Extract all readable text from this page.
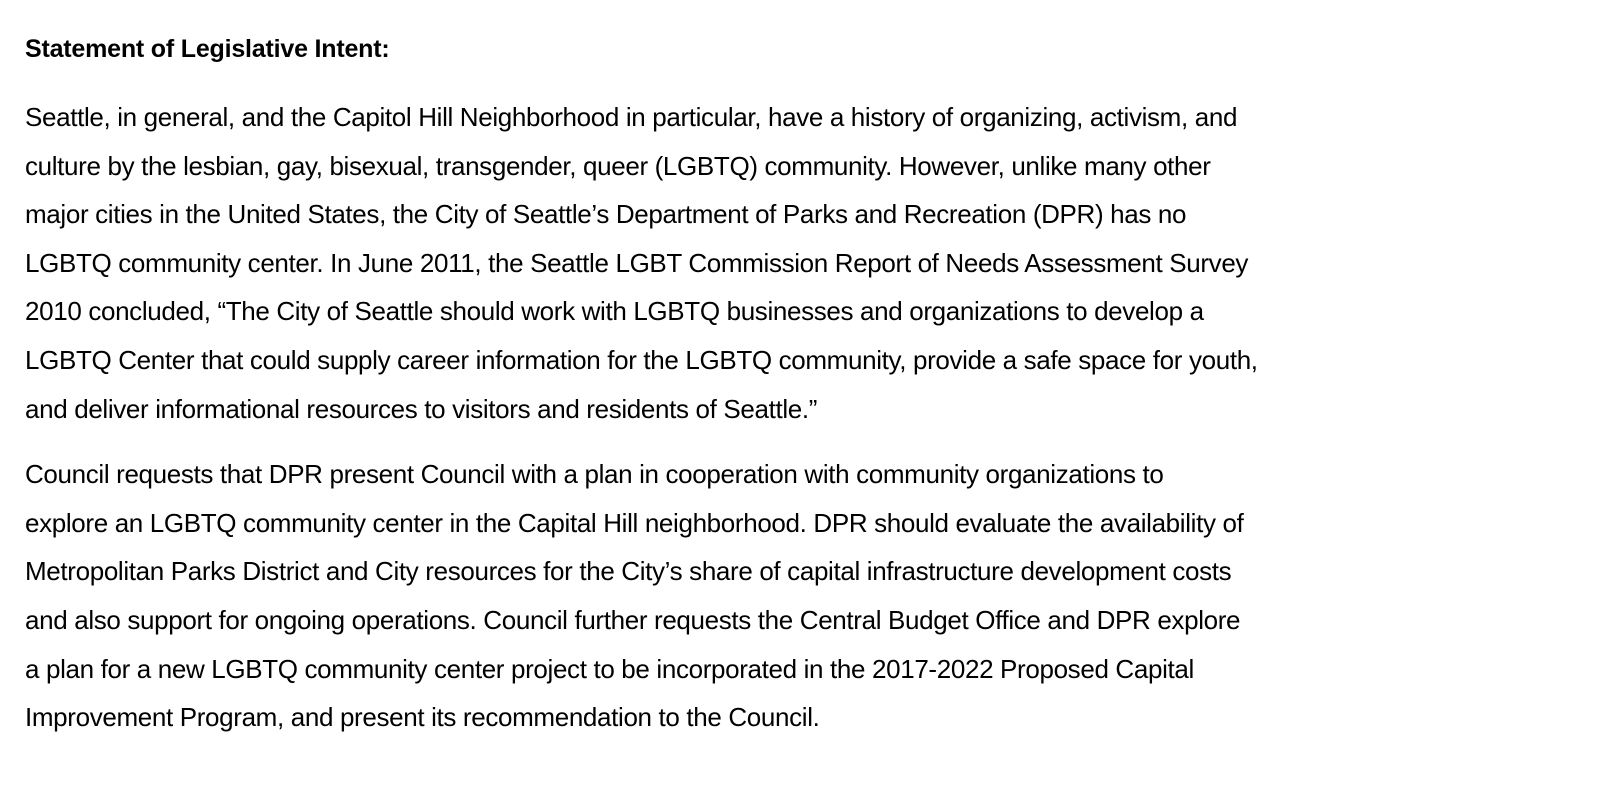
Statement of Legislative Intent:

Seattle, in general, and the Capitol Hill Neighborhood in particular, have a history of organizing, activism, and
culture by the lesbian, gay, bisexual, transgender, queer (LGBTQ) community. However, unlike many other
major cities in the United States, the City of Seattle’s Department of Parks and Recreation (DPR) has no
LGBTQ community center. In June 2011, the Seattle LGBT Commission Report of Needs Assessment Survey
2010 concluded, “The City of Seattle should work with LGBTQ businesses and organizations to develop a
LGBTQ Center that could supply career information for the LGBTQ community, provide a safe space for youth,
and deliver informational resources to visitors and residents of Seattle.”

Council requests that DPR present Council with a plan in cooperation with community organizations to
explore an LGBTQ community center in the Capital Hill neighborhood. DPR should evaluate the availability of
Metropolitan Parks District and City resources for the City’s share of capital infrastructure development costs
and also support for ongoing operations. Council further requests the Central Budget Office and DPR explore
a plan for a new LGBTQ community center project to be incorporated in the 2017-2022 Proposed Capital
Improvement Program, and present its recommendation to the Council.
